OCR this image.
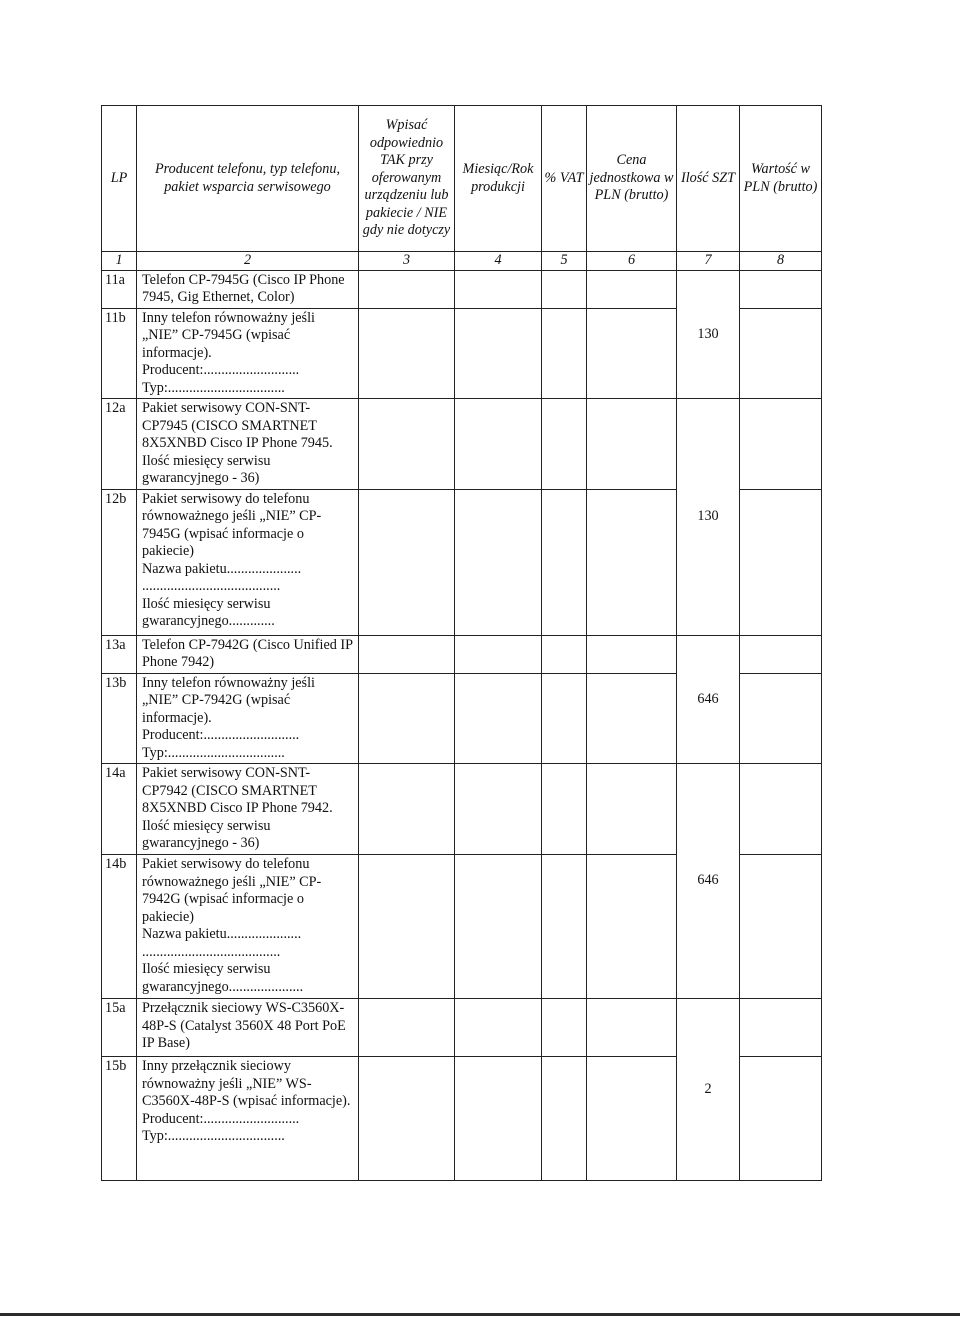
LP	Producent telefonu, typ telefonu, pakiet wsparcia serwisowego	Wpisać odpowiednio TAK przy oferowanym urządzeniu lub pakiecie / NIE gdy nie dotyczy	Miesiąc/Rok produkcji	% VAT	Cena jednostkowa w PLN (brutto)	Ilość SZT	Wartość w PLN (brutto)
1	2	3	4	5	6	7	8
11a	Telefon CP-7945G (Cisco IP Phone 7945, Gig Ethernet, Color)					130	
11b	Inny telefon równoważny jeśli „NIE” CP-7945G (wpisać informacje).
Producent:...........................
Typ:.................................						
12a	Pakiet serwisowy CON-SNT-CP7945 (CISCO SMARTNET 8X5XNBD Cisco IP Phone 7945. Ilość miesięcy serwisu gwarancyjnego - 36)					130	
12b	Pakiet serwisowy do telefonu równoważnego jeśli „NIE” CP-7945G (wpisać informacje o pakiecie)
Nazwa pakietu.....................
.......................................
Ilość miesięcy serwisu gwarancyjnego.............						
13a	Telefon CP-7942G (Cisco Unified IP Phone 7942)					646	
13b	Inny telefon równoważny jeśli „NIE” CP-7942G (wpisać informacje).
Producent:...........................
Typ:.................................						
14a	Pakiet serwisowy CON-SNT-CP7942 (CISCO SMARTNET 8X5XNBD Cisco IP Phone 7942. Ilość miesięcy serwisu gwarancyjnego - 36)					646	
14b	Pakiet serwisowy do telefonu równoważnego jeśli „NIE” CP-7942G (wpisać informacje o pakiecie)
Nazwa pakietu.....................
.......................................
Ilość miesięcy serwisu gwarancyjnego.....................						
15a	Przełącznik sieciowy WS-C3560X-48P-S (Catalyst 3560X 48 Port PoE IP Base)					2	
15b	Inny przełącznik sieciowy równoważny jeśli „NIE” WS-C3560X-48P-S (wpisać informacje).
Producent:...........................
Typ:.................................						
